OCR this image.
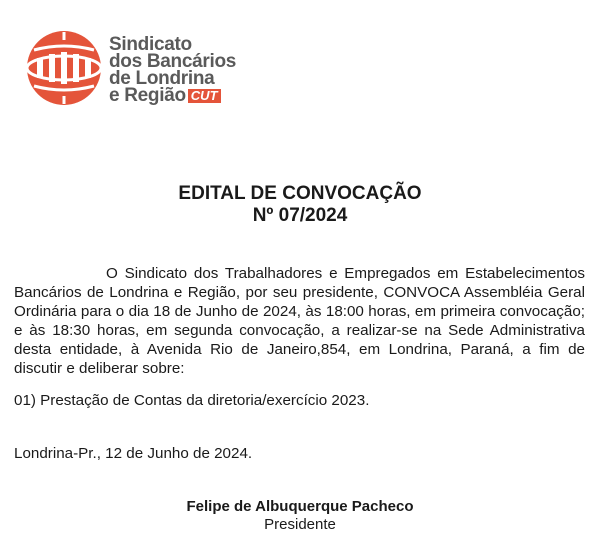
Sindicato
dos Bancários
de Londrina
e Região CUT
EDITAL DE CONVOCAÇÃO
Nº 07/2024

O Sindicato dos Trabalhadores e Empregados em Estabelecimentos Bancários de Londrina e Região, por seu presidente, CONVOCA Assembléia Geral Ordinária para o dia 18 de Junho de 2024, às 18:00 horas, em primeira convocação; e às 18:30 horas, em segunda convocação, a realizar-se na Sede Administrativa desta entidade, à Avenida Rio de Janeiro,854, em Londrina, Paraná, a fim de discutir e deliberar sobre:

01) Prestação de Contas da diretoria/exercício 2023.
Londrina-Pr., 12 de Junho de 2024.
Felipe de Albuquerque Pacheco
Presidente
